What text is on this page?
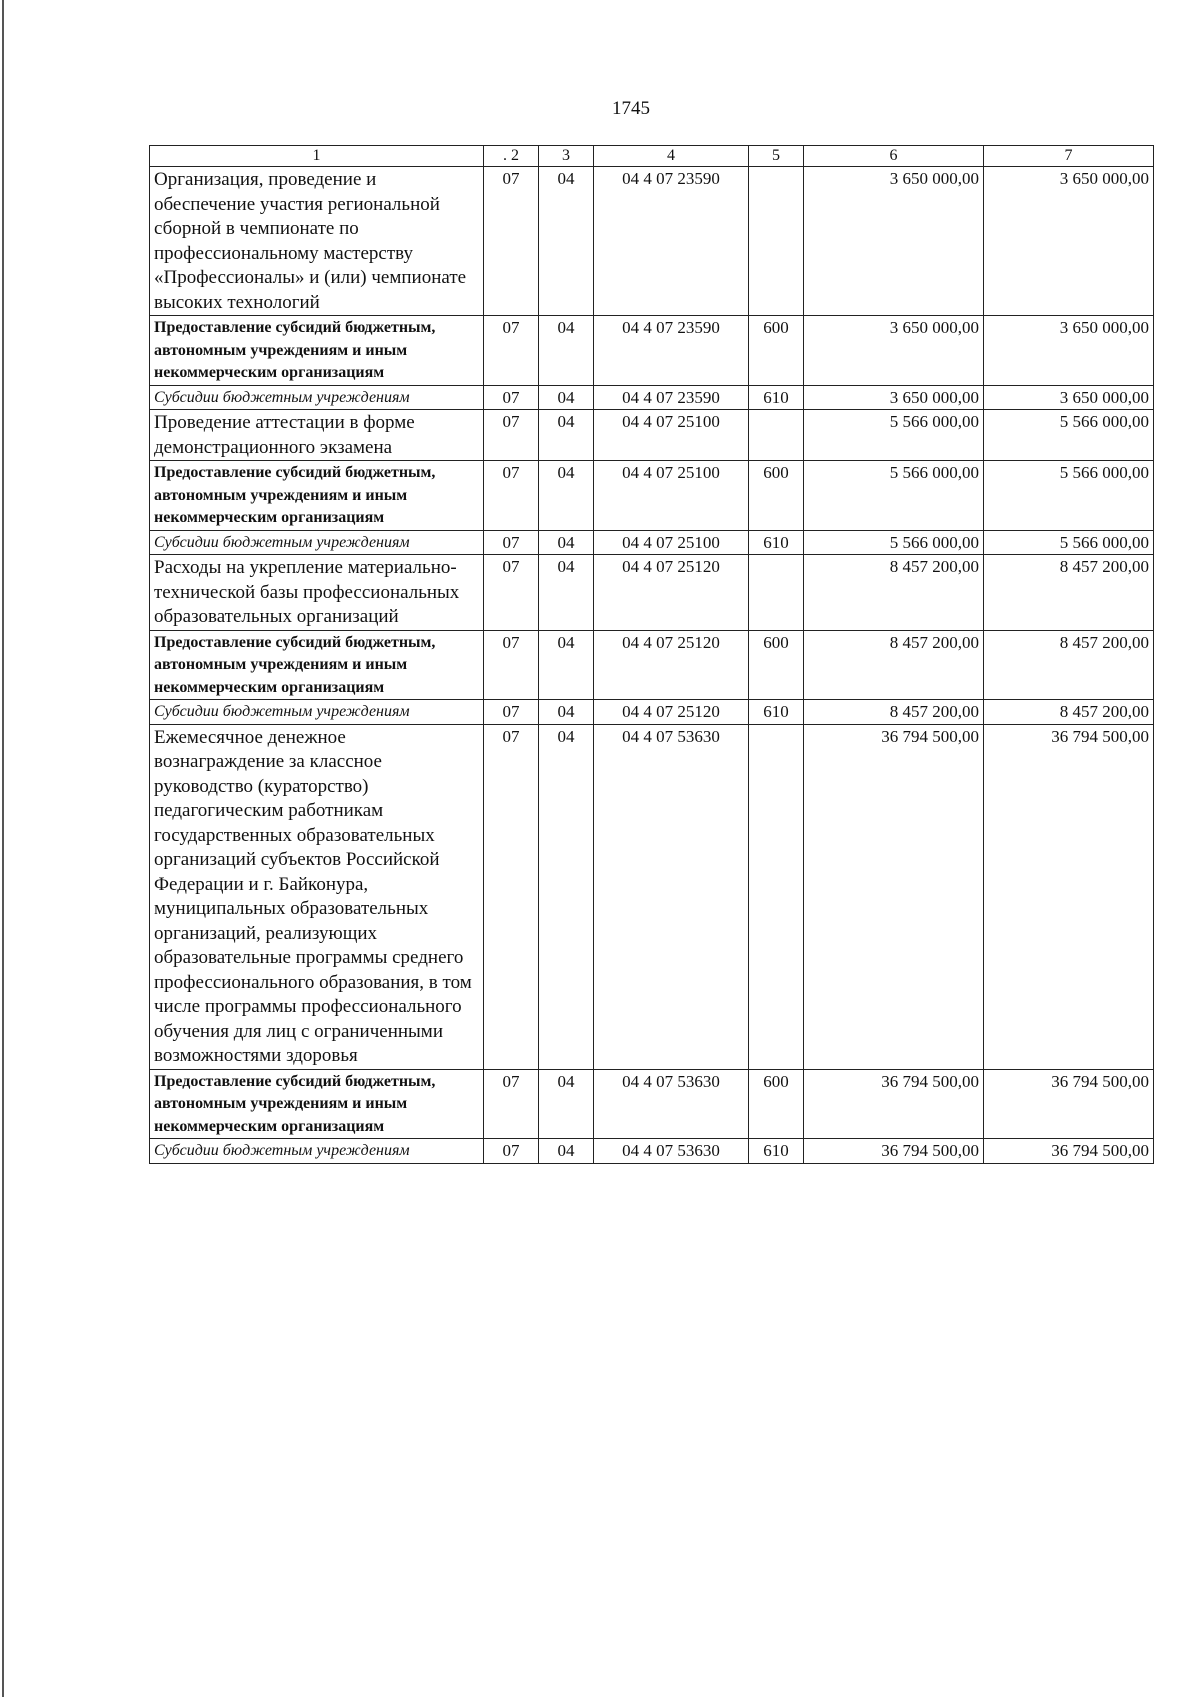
1745
1	. 2	3	4	5	6	7
Организация, проведение и обеспечение участия региональной сборной в чемпионате по профессиональному мастерству «Профессионалы» и (или) чемпионате высоких технологий	07	04	04 4 07 23590		3 650 000,00	3 650 000,00
Предоставление субсидий бюджетным, автономным учреждениям и иным некоммерческим организациям	07	04	04 4 07 23590	600	3 650 000,00	3 650 000,00
Субсидии бюджетным учреждениям	07	04	04 4 07 23590	610	3 650 000,00	3 650 000,00
Проведение аттестации в форме демонстрационного экзамена	07	04	04 4 07 25100		5 566 000,00	5 566 000,00
Предоставление субсидий бюджетным, автономным учреждениям и иным некоммерческим организациям	07	04	04 4 07 25100	600	5 566 000,00	5 566 000,00
Субсидии бюджетным учреждениям	07	04	04 4 07 25100	610	5 566 000,00	5 566 000,00
Расходы на укрепление материально-технической базы профессиональных образовательных организаций	07	04	04 4 07 25120		8 457 200,00	8 457 200,00
Предоставление субсидий бюджетным, автономным учреждениям и иным некоммерческим организациям	07	04	04 4 07 25120	600	8 457 200,00	8 457 200,00
Субсидии бюджетным учреждениям	07	04	04 4 07 25120	610	8 457 200,00	8 457 200,00
Ежемесячное денежное вознаграждение за классное руководство (кураторство) педагогическим работникам государственных образовательных организаций субъектов Российской Федерации и г. Байконура, муниципальных образовательных организаций, реализующих образовательные программы среднего профессионального образования, в том числе программы профессионального обучения для лиц с ограниченными возможностями здоровья	07	04	04 4 07 53630		36 794 500,00	36 794 500,00
Предоставление субсидий бюджетным, автономным учреждениям и иным некоммерческим организациям	07	04	04 4 07 53630	600	36 794 500,00	36 794 500,00
Субсидии бюджетным учреждениям	07	04	04 4 07 53630	610	36 794 500,00	36 794 500,00
